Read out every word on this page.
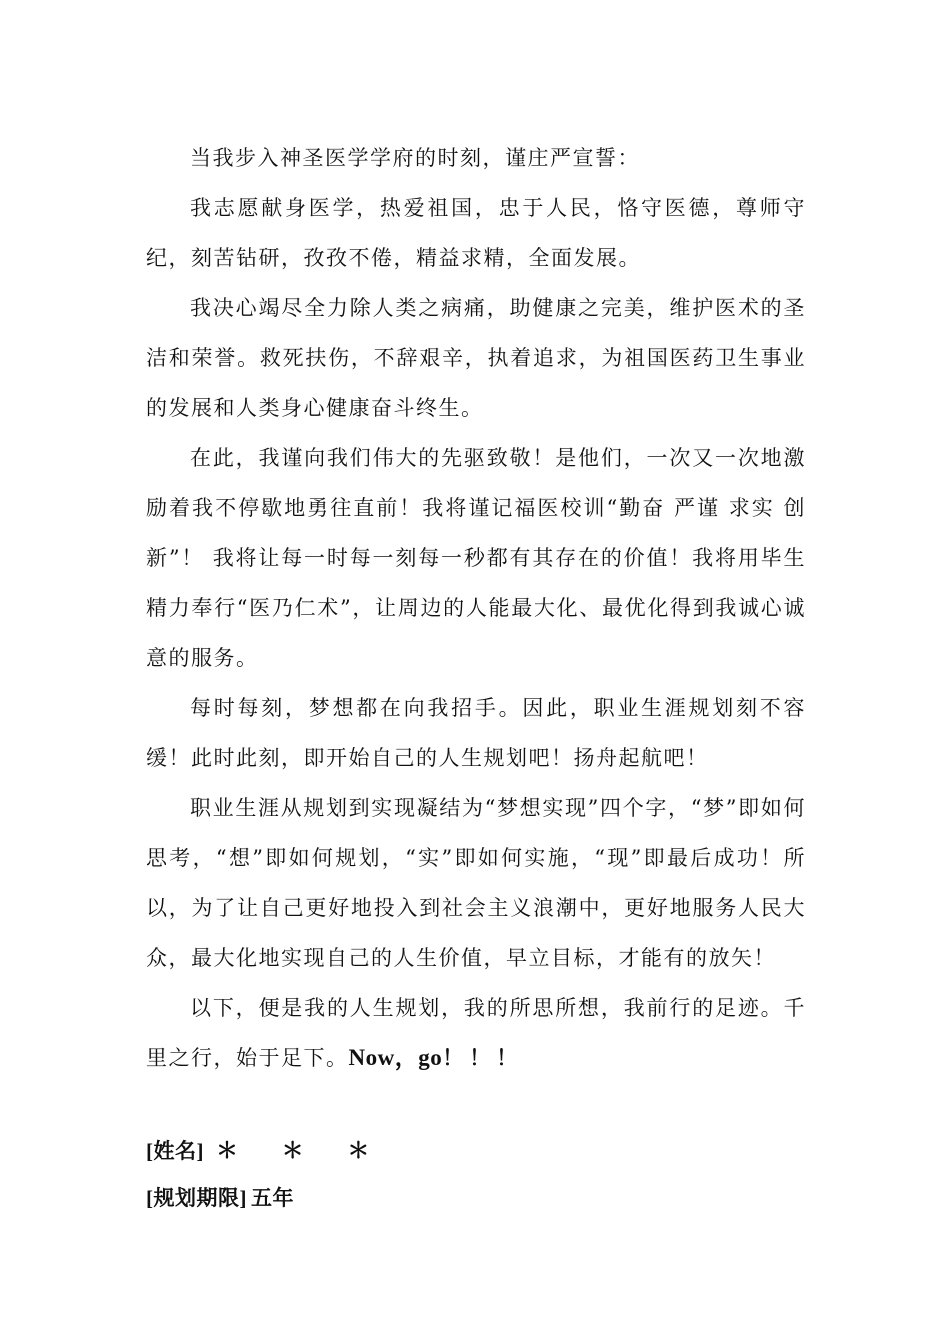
当我步入神圣医学学府的时刻，谨庄严宣誓：

我志愿献身医学，热爱祖国，忠于人民，恪守医德，尊师守纪，刻苦钻研，孜孜不倦，精益求精，全面发展。

我决心竭尽全力除人类之病痛，助健康之完美，维护医术的圣洁和荣誉。救死扶伤，不辞艰辛，执着追求，为祖国医药卫生事业的发展和人类身心健康奋斗终生。

在此，我谨向我们伟大的先驱致敬！是他们，一次又一次地激励着我不停歇地勇往直前！我将谨记福医校训“勤奋 严谨 求实 创新”！ 我将让每一时每一刻每一秒都有其存在的价值！我将用毕生精力奉行“医乃仁术”，让周边的人能最大化、最优化得到我诚心诚意的服务。

每时每刻，梦想都在向我招手。因此，职业生涯规划刻不容缓！此时此刻，即开始自己的人生规划吧！扬舟起航吧！

职业生涯从规划到实现凝结为“梦想实现”四个字，“梦”即如何思考，“想”即如何规划，“实”即如何实施，“现”即最后成功！所以，为了让自己更好地投入到社会主义浪潮中，更好地服务人民大众，最大化地实现自己的人生价值，早立目标，才能有的放矢！

以下，便是我的人生规划，我的所思所想，我前行的足迹。千里之行，始于足下。Now，go！！！

[姓名] ＊ ＊ ＊

[规划期限] 五年
